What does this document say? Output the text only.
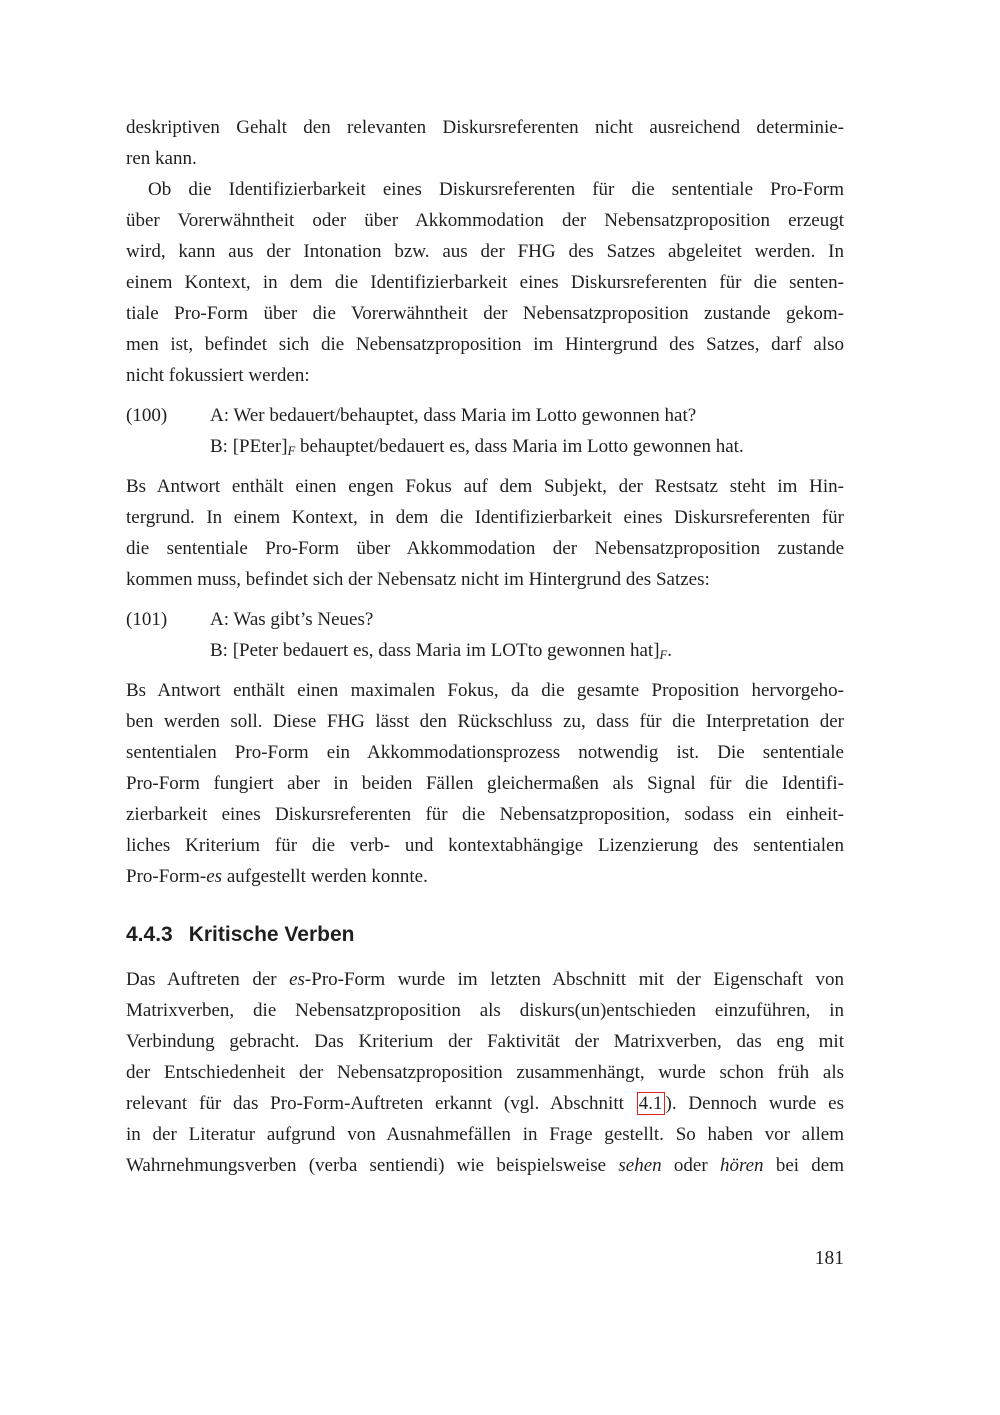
deskriptiven Gehalt den relevanten Diskursreferenten nicht ausreichend determinie-
ren kann.
Ob die Identifizierbarkeit eines Diskursreferenten für die sententiale Pro-Form
über Vorerwähntheit oder über Akkommodation der Nebensatzproposition erzeugt
wird, kann aus der Intonation bzw. aus der FHG des Satzes abgeleitet werden. In
einem Kontext, in dem die Identifizierbarkeit eines Diskursreferenten für die senten-
tiale Pro-Form über die Vorerwähntheit der Nebensatzproposition zustande gekom-
men ist, befindet sich die Nebensatzproposition im Hintergrund des Satzes, darf also
nicht fokussiert werden:
(100)	A: Wer bedauert/behauptet, dass Maria im Lotto gewonnen hat?
B: $[PEter]_F$ behauptet/bedauert es, dass Maria im Lotto gewonnen hat.
Bs Antwort enthält einen engen Fokus auf dem Subjekt, der Restsatz steht im Hin-
tergrund. In einem Kontext, in dem die Identifizierbarkeit eines Diskursreferenten für
die sententiale Pro-Form über Akkommodation der Nebensatzproposition zustande
kommen muss, befindet sich der Nebensatz nicht im Hintergrund des Satzes:
(101)	A: Was gibt’s Neues?
B: [Peter bedauert es, dass Maria im LOTto gewonnen $hat]_F$.
Bs Antwort enthält einen maximalen Fokus, da die gesamte Proposition hervorgeho-
ben werden soll. Diese FHG lässt den Rückschluss zu, dass für die Interpretation der
sententialen Pro-Form ein Akkommodationsprozess notwendig ist. Die sententiale
Pro-Form fungiert aber in beiden Fällen gleichermaßen als Signal für die Identifi-
zierbarkeit eines Diskursreferenten für die Nebensatzproposition, sodass ein einheit-
liches Kriterium für die verb- und kontextabhängige Lizenzierung des sententialen
Pro-Form-es aufgestellt werden konnte.
4.4.3 Kritische Verben
Das Auftreten der es-Pro-Form wurde im letzten Abschnitt mit der Eigenschaft von
Matrixverben, die Nebensatzproposition als diskurs(un)entschieden einzuführen, in
Verbindung gebracht. Das Kriterium der Faktivität der Matrixverben, das eng mit
der Entschiedenheit der Nebensatzproposition zusammenhängt, wurde schon früh als
relevant für das Pro-Form-Auftreten erkannt (vgl. Abschnitt 4.1 ). Dennoch wurde es
in der Literatur aufgrund von Ausnahmefällen in Frage gestellt. So haben vor allem
Wahrnehmungsverben (verba sentiendi) wie beispielsweise sehen oder hören bei dem
181
